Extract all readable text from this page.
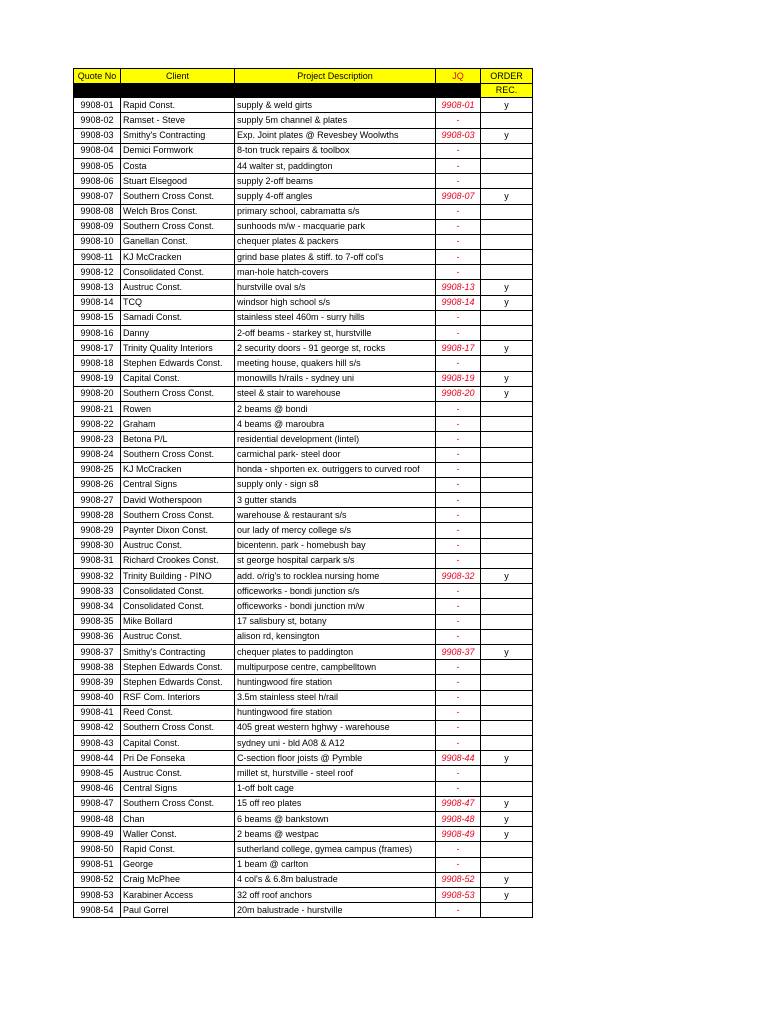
Quote No	Client	Project Description	JQ	ORDER
				REC.
9908-01	Rapid Const.	supply & weld girts	9908-01	y
9908-02	Ramset - Steve	supply 5m channel & plates	-	
9908-03	Smithy's Contracting	Exp. Joint plates @ Revesbey Woolwths	9908-03	y
9908-04	Demici Formwork	8-ton truck repairs & toolbox	-	
9908-05	Costa	44 walter st, paddington	-	
9908-06	Stuart Elsegood	supply 2-off beams	-	
9908-07	Southern Cross Const.	supply 4-off angles	9908-07	y
9908-08	Welch Bros Const.	primary school, cabramatta s/s	-	
9908-09	Southern Cross Const.	sunhoods m/w - macquarie park	-	
9908-10	Ganellan Const.	chequer plates & packers	-	
9908-11	KJ McCracken	grind base plates & stiff. to 7-off col's	-	
9908-12	Consolidated Const.	man-hole hatch-covers	-	
9908-13	Austruc Const.	hurstville oval s/s	9908-13	y
9908-14	TCQ	windsor high school s/s	9908-14	y
9908-15	Samadi Const.	stainless steel 460m - surry hills	-	
9908-16	Danny	2-off beams - starkey st, hurstville	-	
9908-17	Trinity Quality Interiors	2 security doors - 91 george st, rocks	9908-17	y
9908-18	Stephen Edwards Const.	meeting house, quakers hill s/s	-	
9908-19	Capital Const.	monowills h/rails - sydney uni	9908-19	y
9908-20	Southern Cross Const.	steel & stair to warehouse	9908-20	y
9908-21	Rowen	2 beams @ bondi	-	
9908-22	Graham	4 beams @ maroubra	-	
9908-23	Betona P/L	residential development (lintel)	-	
9908-24	Southern Cross Const.	carmichal park- steel door	-	
9908-25	KJ McCracken	honda - shporten ex. outriggers to curved roof	-	
9908-26	Central Signs	supply only - sign s8	-	
9908-27	David Wotherspoon	3 gutter stands	-	
9908-28	Southern Cross Const.	warehouse & restaurant s/s	-	
9908-29	Paynter Dixon Const.	our lady of mercy college s/s	-	
9908-30	Austruc Const.	bicentenn. park - homebush bay	-	
9908-31	Richard Crookes Const.	st george hospital carpark s/s	-	
9908-32	Trinity Building - PINO	add. o/rig's to rocklea nursing home	9908-32	y
9908-33	Consolidated Const.	officeworks - bondi junction s/s	-	
9908-34	Consolidated Const.	officeworks - bondi junction m/w	-	
9908-35	Mike Bollard	17 salisbury st, botany	-	
9908-36	Austruc Const.	alison rd, kensington	-	
9908-37	Smithy's Contracting	chequer plates to paddington	9908-37	y
9908-38	Stephen Edwards Const.	multipurpose centre, campbelltown	-	
9908-39	Stephen Edwards Const.	huntingwood fire station	-	
9908-40	RSF Com. Interiors	3.5m stainless steel h/rail	-	
9908-41	Reed Const.	huntingwood fire station	-	
9908-42	Southern Cross Const.	405 great western hghwy - warehouse	-	
9908-43	Capital Const.	sydney uni - bld A08 & A12	-	
9908-44	Pri De Fonseka	C-section floor joists @ Pymble	9908-44	y
9908-45	Austruc Const.	millet st, hurstville - steel roof	-	
9908-46	Central Signs	1-off bolt cage	-	
9908-47	Southern Cross Const.	15 off reo plates	9908-47	y
9908-48	Chan	6 beams @ bankstown	9908-48	y
9908-49	Waller Const.	2 beams @ westpac	9908-49	y
9908-50	Rapid Const.	sutherland college, gymea campus (frames)	-	
9908-51	George	1 beam @ carlton	-	
9908-52	Craig McPhee	4 col's & 6.8m balustrade	9908-52	y
9908-53	Karabiner Access	32 off roof anchors	9908-53	y
9908-54	Paul Gorrel	20m balustrade - hurstville	-	
